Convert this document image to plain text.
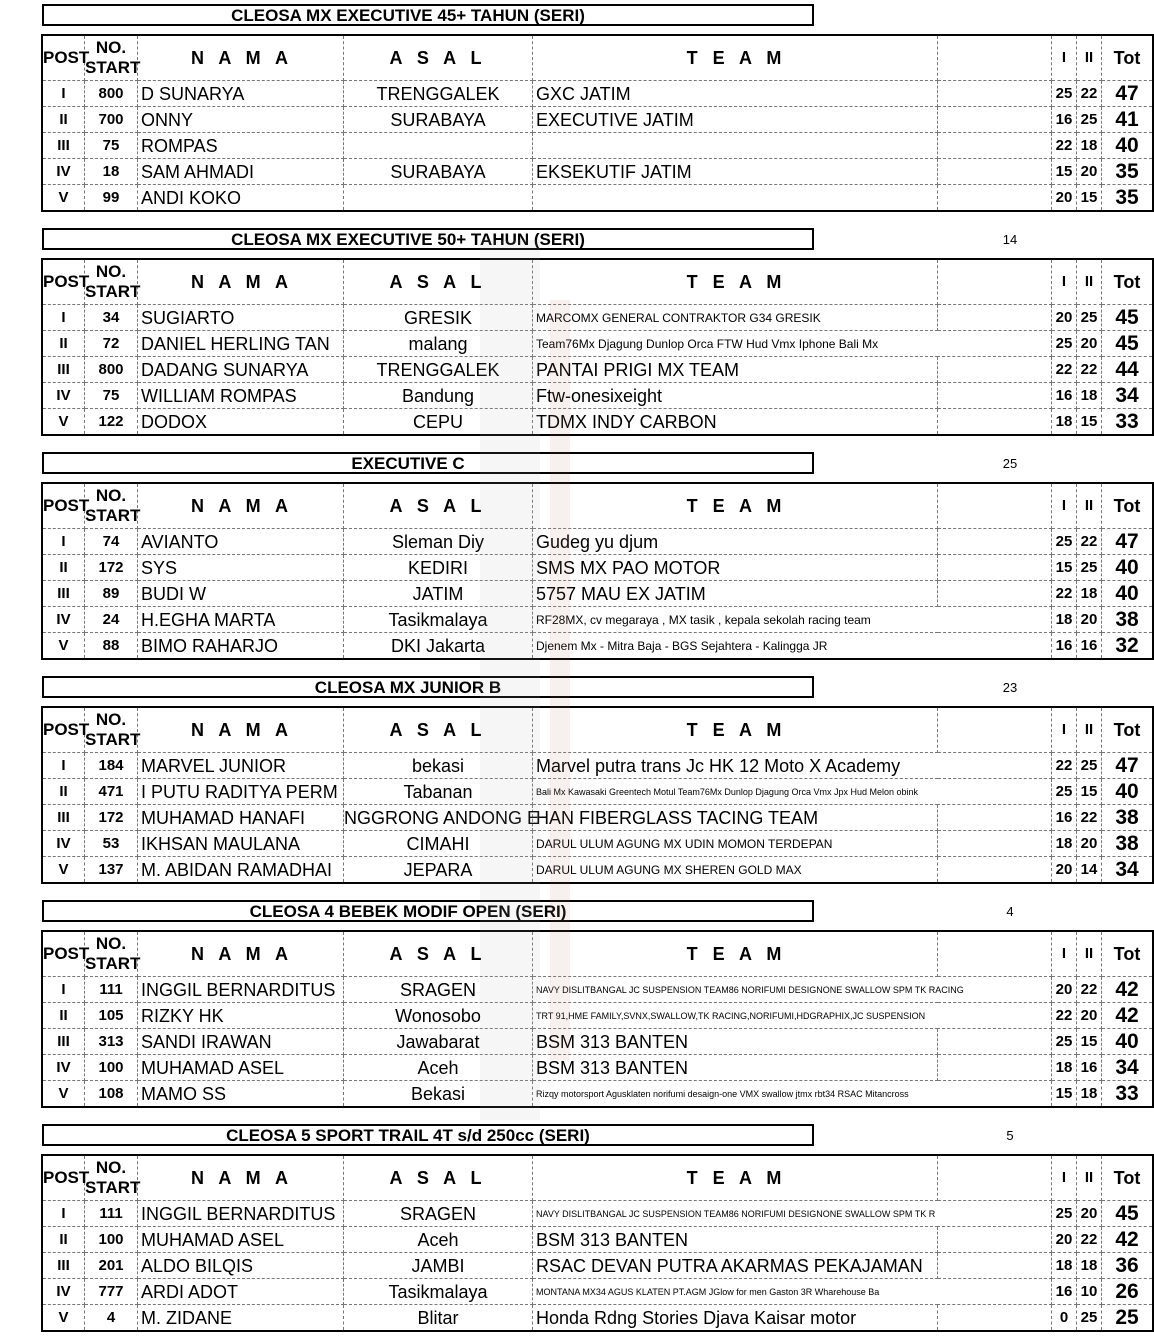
CLEOSA MX EXECUTIVE 45+ TAHUN (SERI)
POST	NO.
START	N A M A	A S A L	T E A M		I	II	Tot
I	800	D SUNARYA	TRENGGALEK	GXC JATIM		25	22	47
II	700	ONNY	SURABAYA	EXECUTIVE JATIM		16	25	41
III	75	ROMPAS				22	18	40
IV	18	SAM AHMADI	SURABAYA	EKSEKUTIF JATIM		15	20	35
V	99	ANDI KOKO				20	15	35
CLEOSA MX EXECUTIVE 50+ TAHUN (SERI)	14
POST	NO.
START	N A M A	A S A L	T E A M		I	II	Tot
I	34	SUGIARTO	GRESIK	MARCOMX GENERAL CONTRAKTOR G34 GRESIK		20	25	45
II	72	DANIEL HERLING TAN	malang	Team76Mx Djagung Dunlop Orca FTW Hud Vmx Iphone Bali Mx		25	20	45
III	800	DADANG SUNARYA	TRENGGALEK	PANTAI PRIGI MX TEAM		22	22	44
IV	75	WILLIAM ROMPAS	Bandung	Ftw-onesixeight		16	18	34
V	122	DODOX	CEPU	TDMX INDY CARBON		18	15	33
EXECUTIVE C	25
POST	NO.
START	N A M A	A S A L	T E A M		I	II	Tot
I	74	AVIANTO	Sleman Diy	Gudeg yu djum		25	22	47
II	172	SYS	KEDIRI	SMS MX PAO MOTOR		15	25	40
III	89	BUDI W	JATIM	5757 MAU EX JATIM		22	18	40
IV	24	H.EGHA MARTA	Tasikmalaya	RF28MX, cv megaraya , MX tasik , kepala sekolah racing team		18	20	38
V	88	BIMO RAHARJO	DKI Jakarta	Djenem Mx - Mitra Baja - BGS Sejahtera - Kalingga JR		16	16	32
CLEOSA MX JUNIOR B	23
POST	NO.
START	N A M A	A S A L	T E A M		I	II	Tot
I	184	MARVEL JUNIOR	bekasi	Marvel putra trans Jc HK 12 Moto X Academy		22	25	47
II	471	I PUTU RADITYA PERM	Tabanan	Bali Mx Kawasaki Greentech Motul Team76Mx Dunlop Djagung Orca Vmx Jpx Hud Melon obink		25	15	40
III	172	MUHAMAD HANAFI	NGGRONG ANDONG E	HAN FIBERGLASS TACING TEAM		16	22	38
IV	53	IKHSAN MAULANA	CIMAHI	DARUL ULUM AGUNG MX UDIN MOMON TERDEPAN		18	20	38
V	137	M. ABIDAN RAMADHAI	JEPARA	DARUL ULUM AGUNG MX SHEREN GOLD MAX		20	14	34
CLEOSA 4 BEBEK MODIF OPEN (SERI)	4
POST	NO.
START	N A M A	A S A L	T E A M		I	II	Tot
I	111	INGGIL BERNARDITUS	SRAGEN	NAVY DISLITBANGAL JC SUSPENSION TEAM86 NORIFUMI DESIGNONE SWALLOW SPM TK RACING		20	22	42
II	105	RIZKY HK	Wonosobo	TRT 91,HME FAMILY,SVNX,SWALLOW,TK RACING,NORIFUMI,HDGRAPHIX,JC SUSPENSION		22	20	42
III	313	SANDI IRAWAN	Jawabarat	BSM 313 BANTEN		25	15	40
IV	100	MUHAMAD ASEL	Aceh	BSM 313 BANTEN		18	16	34
V	108	MAMO SS	Bekasi	Rizqy motorsport Agusklaten norifumi desaign-one VMX swallow jtmx rbt34 RSAC Mitancross		15	18	33
CLEOSA 5 SPORT TRAIL 4T s/d 250cc (SERI)	5
POST	NO.
START	N A M A	A S A L	T E A M		I	II	Tot
I	111	INGGIL BERNARDITUS	SRAGEN	NAVY DISLITBANGAL JC SUSPENSION TEAM86 NORIFUMI DESIGNONE SWALLOW SPM TK R		25	20	45
II	100	MUHAMAD ASEL	Aceh	BSM 313 BANTEN		20	22	42
III	201	ALDO BILQIS	JAMBI	RSAC DEVAN PUTRA AKARMAS PEKAJAMAN		18	18	36
IV	777	ARDI ADOT	Tasikmalaya	MONTANA MX34 AGUS KLATEN PT.AGM JGlow for men Gaston 3R Wharehouse Ba		16	10	26
V	4	M. ZIDANE	Blitar	Honda Rdng Stories Djava Kaisar motor		0	25	25
